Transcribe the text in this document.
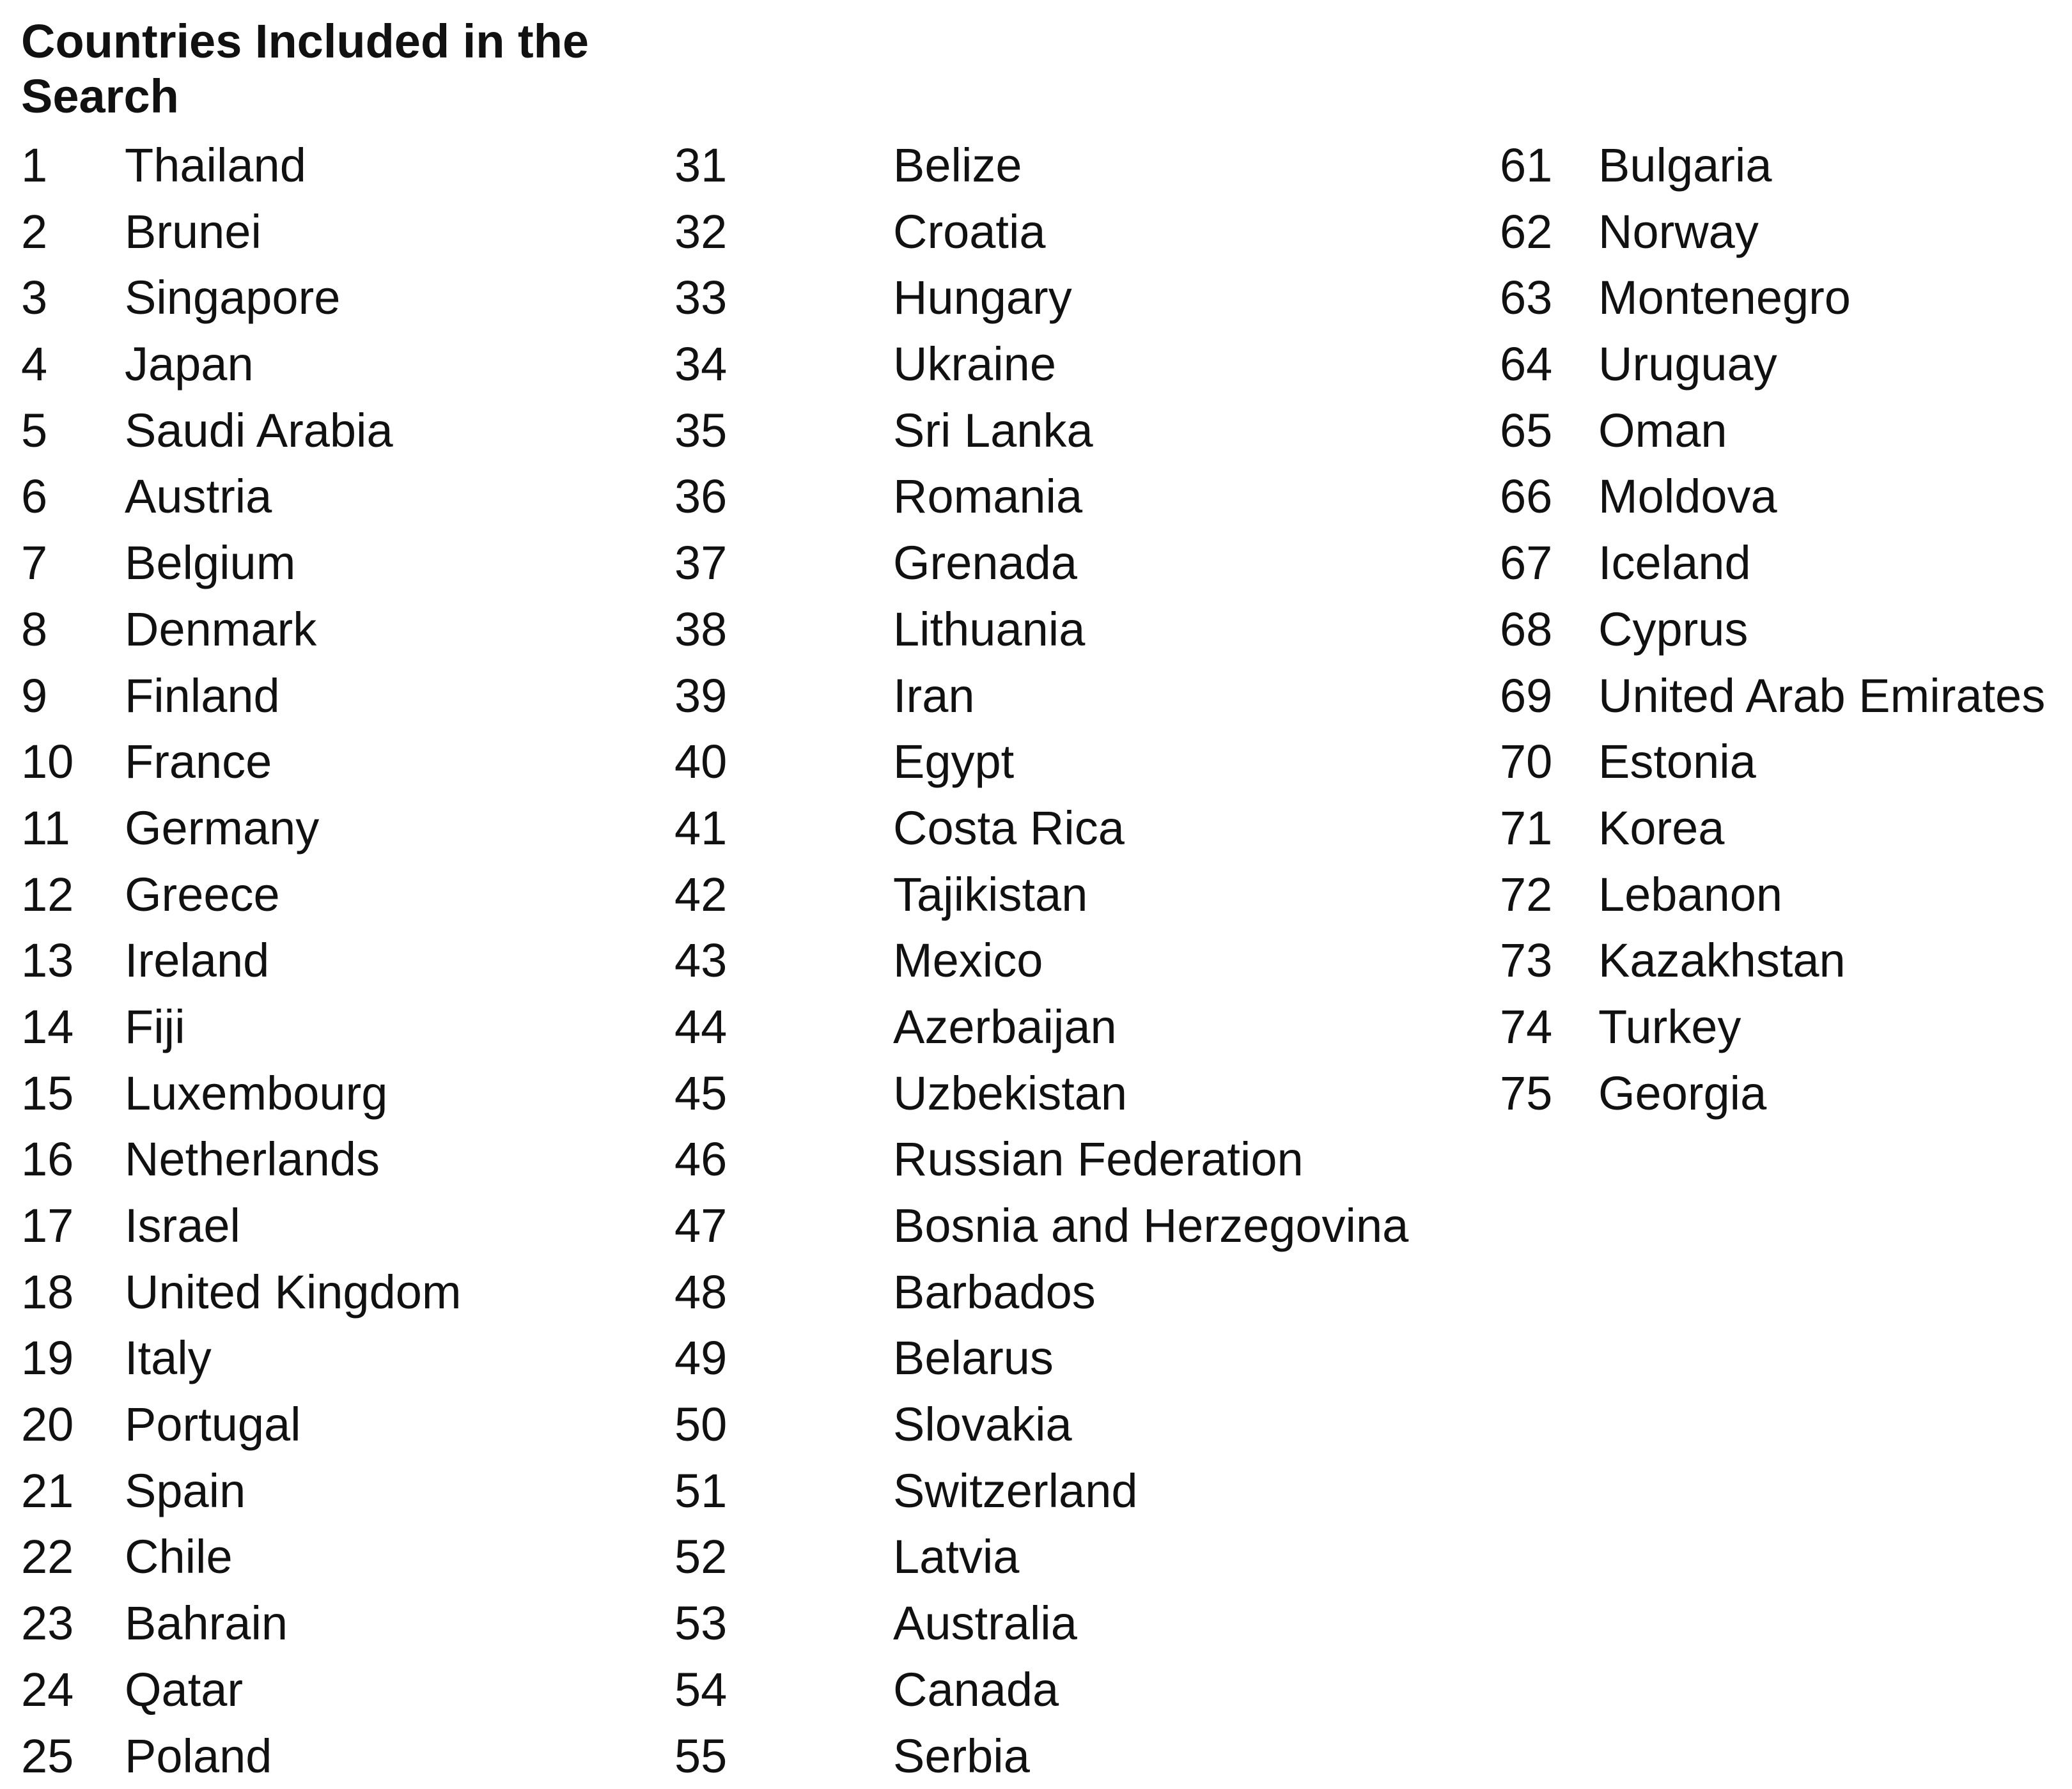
Countries Included in the Search
1 Thailand
2 Brunei
3 Singapore
4 Japan
5 Saudi Arabia
6 Austria
7 Belgium
8 Denmark
9 Finland
10 France
11 Germany
12 Greece
13 Ireland
14 Fiji
15 Luxembourg
16 Netherlands
17 Israel
18 United Kingdom
19 Italy
20 Portugal
21 Spain
22 Chile
23 Bahrain
24 Qatar
25 Poland
31	Belize
32	Croatia
33	Hungary
34	Ukraine
35	Sri Lanka
36	Romania
37	Grenada
38	Lithuania
39	Iran
40	Egypt
41	Costa Rica
42	Tajikistan
43	Mexico
44	Azerbaijan
45	Uzbekistan
46	Russian Federation
47	Bosnia and Herzegovina
48	Barbados
49	Belarus
50	Slovakia
51	Switzerland
52	Latvia
53	Australia
54	Canada
55	Serbia
61 Bulgaria
62 Norway
63 Montenegro
64 Uruguay
65 Oman
66 Moldova
67 Iceland
68 Cyprus
69 United Arab Emirates
70 Estonia
71 Korea
72 Lebanon
73 Kazakhstan
74 Turkey
75 Georgia
